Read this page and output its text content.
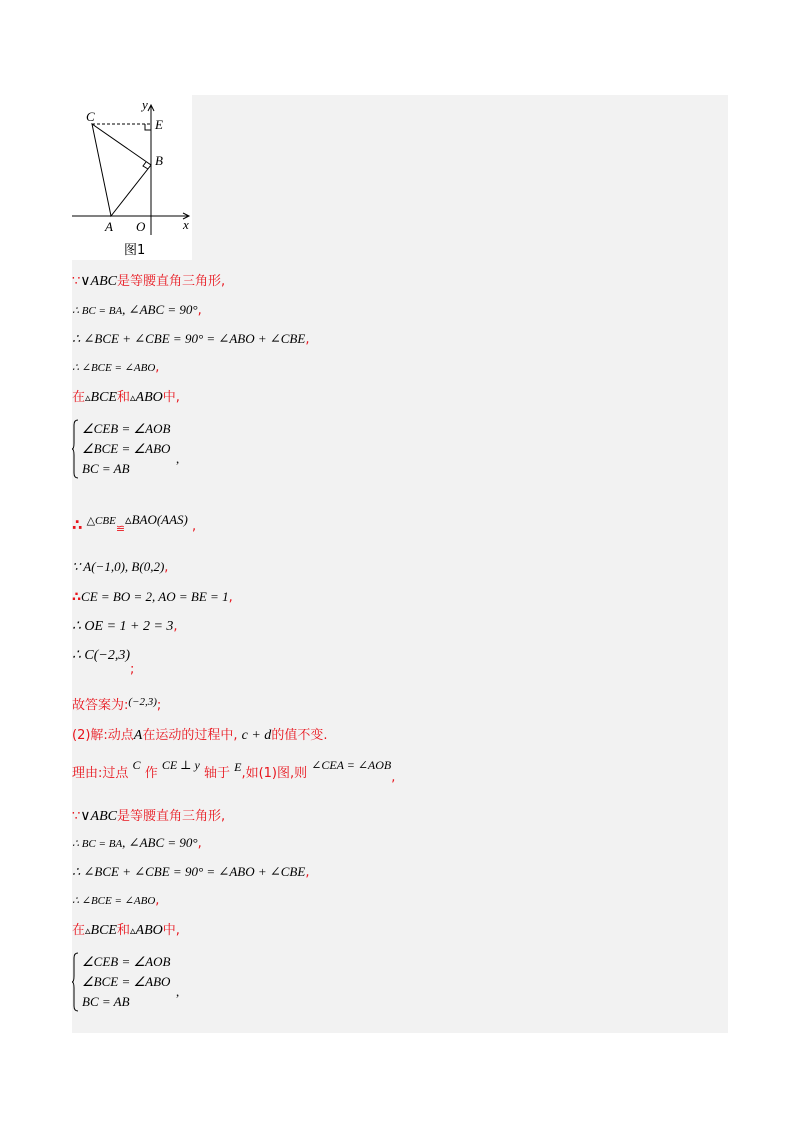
C
E
B
A O	x
y
图1
∵∨ABC是等腰直角三角形,
∴ BC = BA, ∠ABC = 90°,
∴ ∠BCE + ∠CBE = 90° = ∠ABO + ∠CBE,
∴ ∠BCE = ∠ABO,
在▵BCE和▵ABO中,
∠CEB = ∠AOB
∠BCE = ∠ABO
BC = AB
,
∴ $\triangle CBE_≌▵BAO(AAS)$ ,
∵ A(−1,0), B(0,2),
∴CE = BO = 2, AO = BE = 1,
∴ OE = 1 + 2 = 3,
∴ C(−2,3);
故答案为:$^{(-2,3)}$;
(2)解:动点A在运动的过程中, c + d的值不变.
理由:过点 C 作 CE ⊥ y 轴于 E,如(1)图,则 ∠CEA = ∠AOB,
∵∨ABC是等腰直角三角形,
∴ BC = BA, ∠ABC = 90°,
∴ ∠BCE + ∠CBE = 90° = ∠ABO + ∠CBE,
∴ ∠BCE = ∠ABO,
在▵BCE和▵ABO中,
∠CEB = ∠AOB
∠BCE = ∠ABO
BC = AB
,
